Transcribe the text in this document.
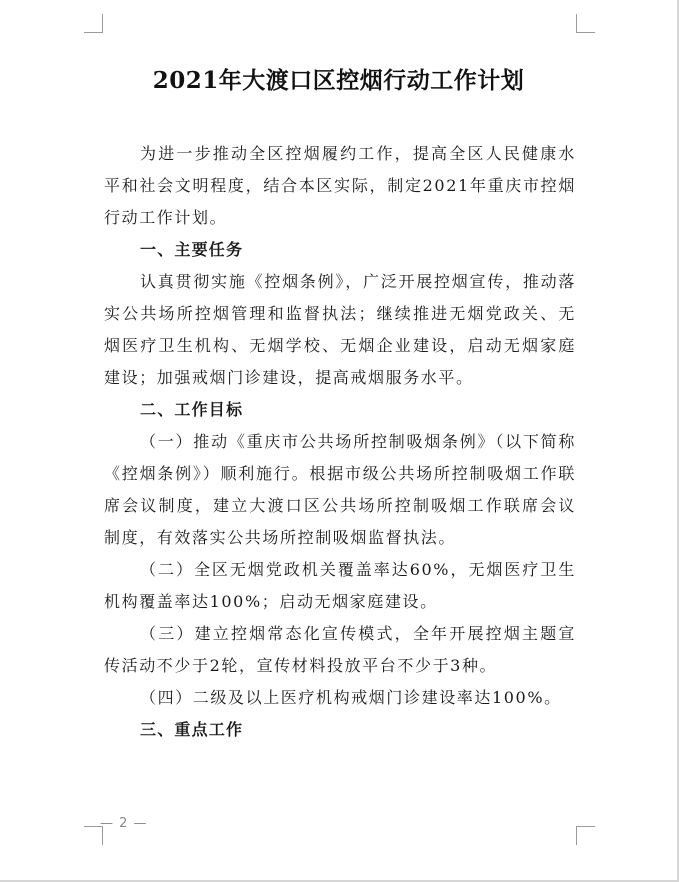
2021年大渡口区控烟行动工作计划

为进一步推动全区控烟履约工作，提高全区人民健康水平和社会文明程度，结合本区实际，制定2021年重庆市控烟行动工作计划。

一、主要任务

认真贯彻实施《控烟条例》，广泛开展控烟宣传，推动落实公共场所控烟管理和监督执法；继续推进无烟党政关、无烟医疗卫生机构、无烟学校、无烟企业建设，启动无烟家庭建设；加强戒烟门诊建设，提高戒烟服务水平。

二、工作目标

（一）推动《重庆市公共场所控制吸烟条例》（以下简称《控烟条例》）顺利施行。根据市级公共场所控制吸烟工作联席会议制度，建立大渡口区公共场所控制吸烟工作联席会议制度，有效落实公共场所控制吸烟监督执法。

（二）全区无烟党政机关覆盖率达60%，无烟医疗卫生机构覆盖率达100%；启动无烟家庭建设。

（三）建立控烟常态化宣传模式，全年开展控烟主题宣传活动不少于2轮，宣传材料投放平台不少于3种。

（四）二级及以上医疗机构戒烟门诊建设率达100%。

三、重点工作
— 2 —
